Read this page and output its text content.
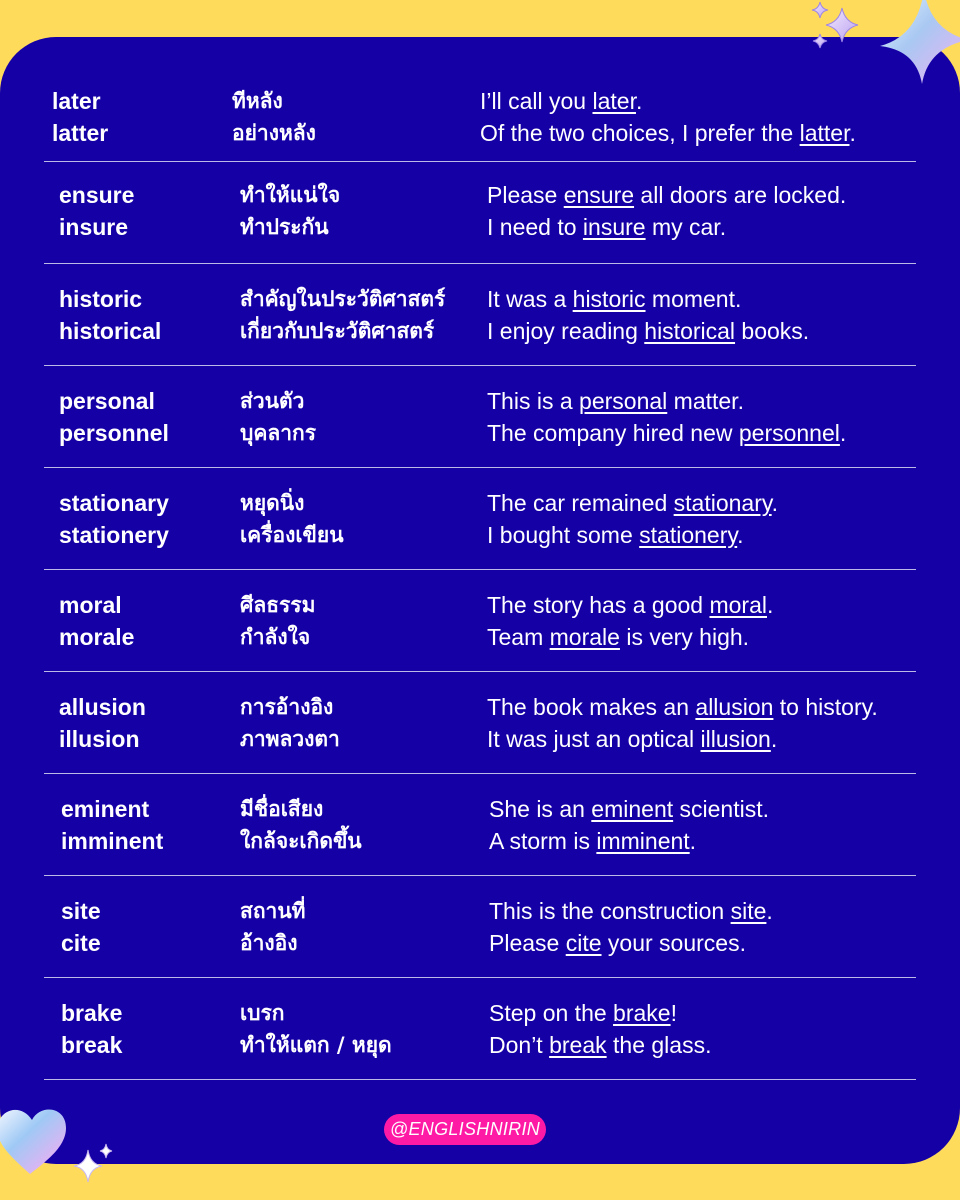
later
latter
ทีหลัง
อย่างหลัง
I’ll call you later.
Of the two choices, I prefer the latter.
ensure
insure
ทำให้แน่ใจ
ทำประกัน
Please ensure all doors are locked.
I need to insure my car.
historic
historical
สำคัญในประวัติศาสตร์
เกี่ยวกับประวัติศาสตร์
It was a historic moment.
I enjoy reading historical books.
personal
personnel
ส่วนตัว
บุคลากร
This is a personal matter.
The company hired new personnel.
stationary
stationery
หยุดนิ่ง
เครื่องเขียน
The car remained stationary.
I bought some stationery.
moral
morale
ศีลธรรม
กำลังใจ
The story has a good moral.
Team morale is very high.
allusion
illusion
การอ้างอิง
ภาพลวงตา
The book makes an allusion to history.
It was just an optical illusion.
eminent
imminent
มีชื่อเสียง
ใกล้จะเกิดขึ้น
She is an eminent scientist.
A storm is imminent.
site
cite
สถานที่
อ้างอิง
This is the construction site.
Please cite your sources.
brake
break
เบรก
ทำให้แตก / หยุด
Step on the brake!
Don’t break the glass.
@ENGLISHNIRIN
